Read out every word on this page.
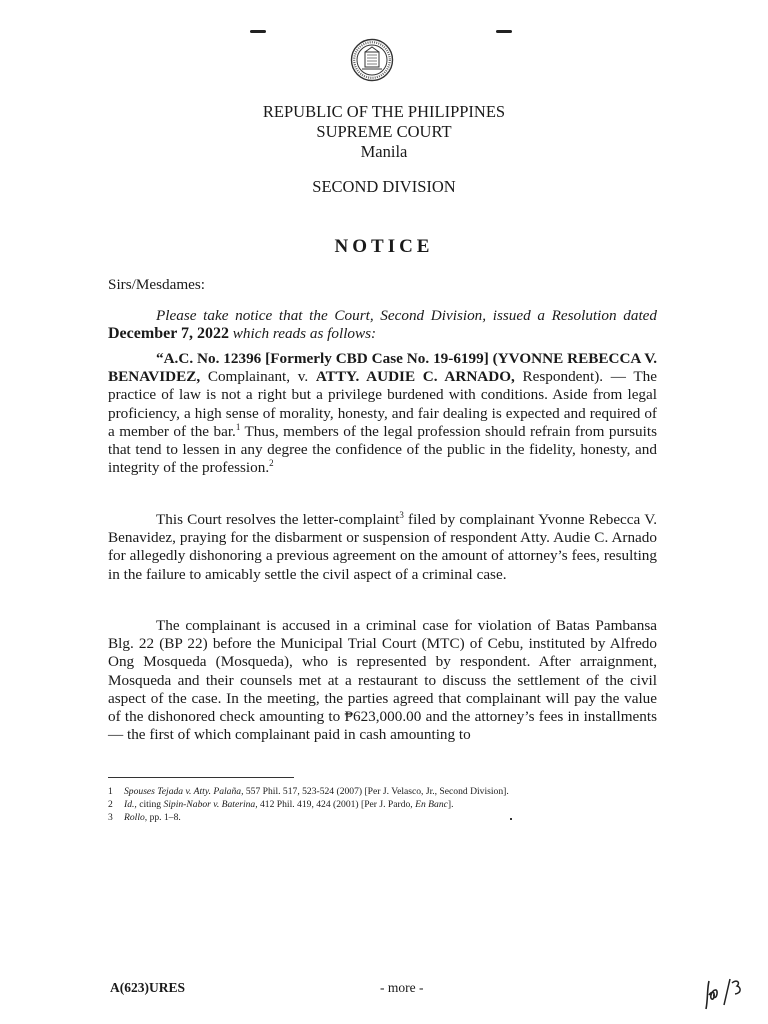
REPUBLIC OF THE PHILIPPINES
SUPREME COURT
Manila
SECOND DIVISION
NOTICE
Sirs/Mesdames:
Please take notice that the Court, Second Division, issued a Resolution dated December 7, 2022 which reads as follows:
“A.C. No. 12396 [Formerly CBD Case No. 19-6199] (YVONNE REBECCA V. BENAVIDEZ, Complainant, v. ATTY. AUDIE C. ARNADO, Respondent). — The practice of law is not a right but a privilege burdened with conditions. Aside from legal proficiency, a high sense of morality, honesty, and fair dealing is expected and required of a member of the bar.$^1$ Thus, members of the legal profession should refrain from pursuits that tend to lessen in any degree the confidence of the public in the fidelity, honesty, and integrity of the profession.$^2$
This Court resolves the letter-complaint$^3$ filed by complainant Yvonne Rebecca V. Benavidez, praying for the disbarment or suspension of respondent Atty. Audie C. Arnado for allegedly dishonoring a previous agreement on the amount of attorney’s fees, resulting in the failure to amicably settle the civil aspect of a criminal case.
The complainant is accused in a criminal case for violation of Batas Pambansa Blg. 22 (BP 22) before the Municipal Trial Court (MTC) of Cebu, instituted by Alfredo Ong Mosqueda (Mosqueda), who is represented by respondent. After arraignment, Mosqueda and their counsels met at a restaurant to discuss the settlement of the civil aspect of the case. In the meeting, the parties agreed that complainant will pay the value of the dishonored check amounting to ₱623,000.00 and the attorney’s fees in installments — the first of which complainant paid in cash amounting to
1 Spouses Tejada v. Atty. Palaña, 557 Phil. 517, 523-524 (2007) [Per J. Velasco, Jr., Second Division].
2 Id., citing Sipin-Nabor v. Baterina, 412 Phil. 419, 424 (2001) [Per J. Pardo, En Banc].
3 Rollo, pp. 1–8.
A(623)URES	- more -
